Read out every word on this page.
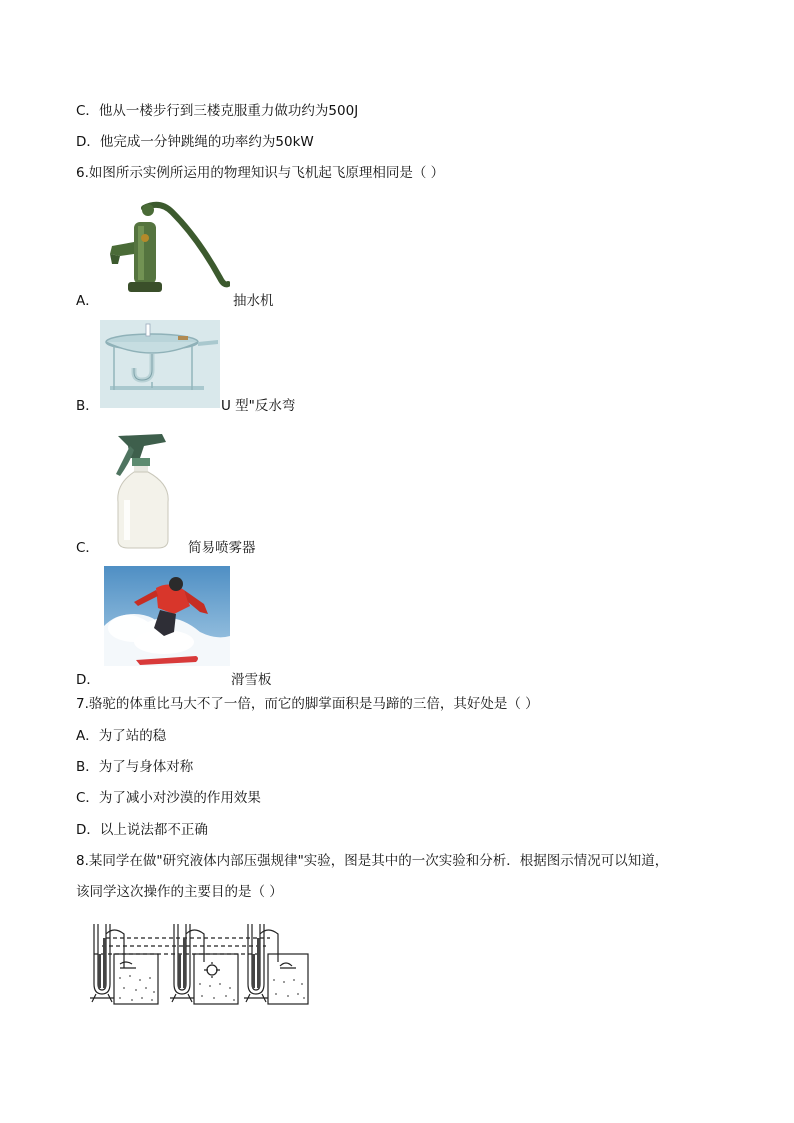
C．他从一楼步行到三楼克服重力做功约为500J
D．他完成一分钟跳绳的功率约为50kW
6.如图所示实例所运用的物理知识与飞机起飞原理相同是（ ）
A．	抽水机
B．	U 型"反水弯
C．	简易喷雾器
D．	滑雪板
7.骆驼的体重比马大不了一倍，而它的脚掌面积是马蹄的三倍，其好处是（ ）
A．为了站的稳
B．为了与身体对称
C．为了减小对沙漠的作用效果
D．以上说法都不正确
8.某同学在做"研究液体内部压强规律"实验，图是其中的一次实验和分析．根据图示情况可以知道，
该同学这次操作的主要目的是（ ）
